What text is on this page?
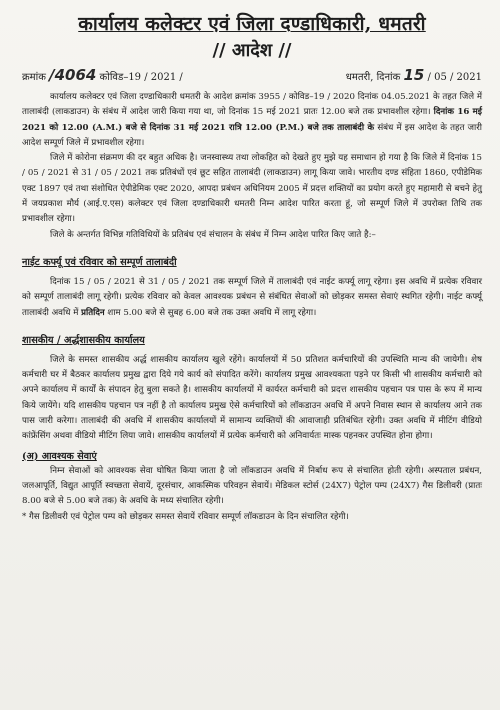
कार्यालय कलेक्टर एवं जिला दण्डाधिकारी, धमतरी
// आदेश //
क्रमांक /4064 कोविड–19 / 2021 /	धमतरी, दिनांक 15 / 05 / 2021

कार्यालय कलेक्टर एवं जिला दण्डाधिकारी धमतरी के आदेश क्रमांक 3955 / कोविड–19 / 2020 दिनांक 04.05.2021 के तहत जिले में तालाबंदी (लाकडाउन) के संबंध में आदेश जारी किया गया था, जो दिनांक 15 मई 2021 प्रातः 12.00 बजे तक प्रभावशील रहेगा। दिनांक 16 मई 2021 को 12.00 (A.M.) बजे से दिनांक 31 मई 2021 रात्रि 12.00 (P.M.) बजे तक तालाबंदी के संबंध में इस आदेश के तहत जारी आदेश सम्पूर्ण जिले में प्रभावशील रहेगा।

जिले में कोरोना संक्रमण की दर बहुत अधिक है। जनस्वास्थ्य तथा लोकहित को देखते हुए मुझे यह समाधान हो गया है कि जिले में दिनांक 15 / 05 / 2021 से 31 / 05 / 2021 तक प्रतिबंधों एवं छूट सहित तालाबंदी (लाकडाउन) लागू किया जावे। भारतीय दण्ड संहिता 1860, एपीडेमिक एक्ट 1897 एवं तथा संशोधित ऐपीडेमिक एक्ट 2020, आपदा प्रबंधन अधिनियम 2005 में प्रदत्त शक्तियों का प्रयोग करते हुए महामारी से बचने हेतु में जयप्रकाश मौर्य (आई.ए.एस) कलेक्टर एवं जिला दण्डाधिकारी धमतरी निम्न आदेश पारित करता हूं, जो सम्पूर्ण जिले में उपरोक्त तिथि तक प्रभावशील रहेगा।

जिले के अन्तर्गत विभिन्न गतिविधियों के प्रतिबंध एवं संचालन के संबंध में निम्न आदेश पारित किए जाते है:–

नाईट कर्फ्यू एवं रविवार को सम्पूर्ण तालाबंदी

दिनांक 15 / 05 / 2021 से 31 / 05 / 2021 तक सम्पूर्ण जिले में तालाबंदी एवं नाईट कर्फ्यू लागू रहेगा। इस अवधि में प्रत्येक रविवार को सम्पूर्ण तालाबंदी लागू रहेगी। प्रत्येक रविवार को केवल आवश्यक प्रबंधन से संबंधित सेवाओं को छोड़कर समस्त सेवाएं स्थगित रहेगी। नाईट कर्फ्यू तालाबंदी अवधि में प्रतिदिन शाम 5.00 बजे से सुबह 6.00 बजे तक उक्त अवधि में लागू रहेगा।

शासकीय / अर्द्धशासकीय कार्यालय

जिले के समस्त शासकीय अर्द्ध शासकीय कार्यालय खुले रहेंगे। कार्यालयों में 50 प्रतिशत कर्मचारियों की उपस्थिति मान्य की जायेगी। शेष कर्मचारी घर में बैठकर कार्यालय प्रमुख द्वारा दिये गये कार्य को संपादित करेंगे। कार्यालय प्रमुख आवश्यकता पड़ने पर किसी भी शासकीय कर्मचारी को अपने कार्यालय में कार्यों के संपादन हेतु बुला सकते है। शासकीय कार्यालयों में कार्यरत कर्मचारी को प्रदत्त शासकीय पहचान पत्र पास के रूप में मान्य किये जायेंगे। यदि शासकीय पहचान पत्र नहीं है तो कार्यालय प्रमुख ऐसे कर्मचारियों को लॉकडाउन अवधि में अपने निवास स्थान से कार्यालय आने तक पास जारी करेगा। तालाबंदी की अवधि में शासकीय कार्यालयों में सामान्य व्यक्तियों की आवाजाही प्रतिबंधित रहेगी। उक्त अवधि में मीटिंग वीडियो कांफ्रेंसिंग अथवा वीडियो मीटिंग लिया जावे। शासकीय कार्यालयों में प्रत्येक कर्मचारी को अनिवार्यतः मास्क पहनकर उपस्थित होना होगा।

(अ) आवश्यक सेवाएं

निम्न सेवाओं को आवश्यक सेवा घोषित किया जाता है जो लॉकडाउन अवधि में निर्बाध रूप से संचालित होती रहेगी। अस्पताल प्रबंधन, जलआपूर्ति, विद्युत आपूर्ति स्वच्छता सेवायें, दूरसंचार, आकस्मिक परिवहन सेवायें। मेडिकल स्टोर्स (24X7) पेट्रोल पम्प (24X7) गैस डिलीवरी (प्रातः 8.00 बजे से 5.00 बजे तक) के अवधि के मध्य संचालित रहेगी।

* गैस डिलीवरी एवं पेट्रोल पम्प को छोड़कर समस्त सेवायें रविवार सम्पूर्ण लॉकडाउन के दिन संचालित रहेगी।
